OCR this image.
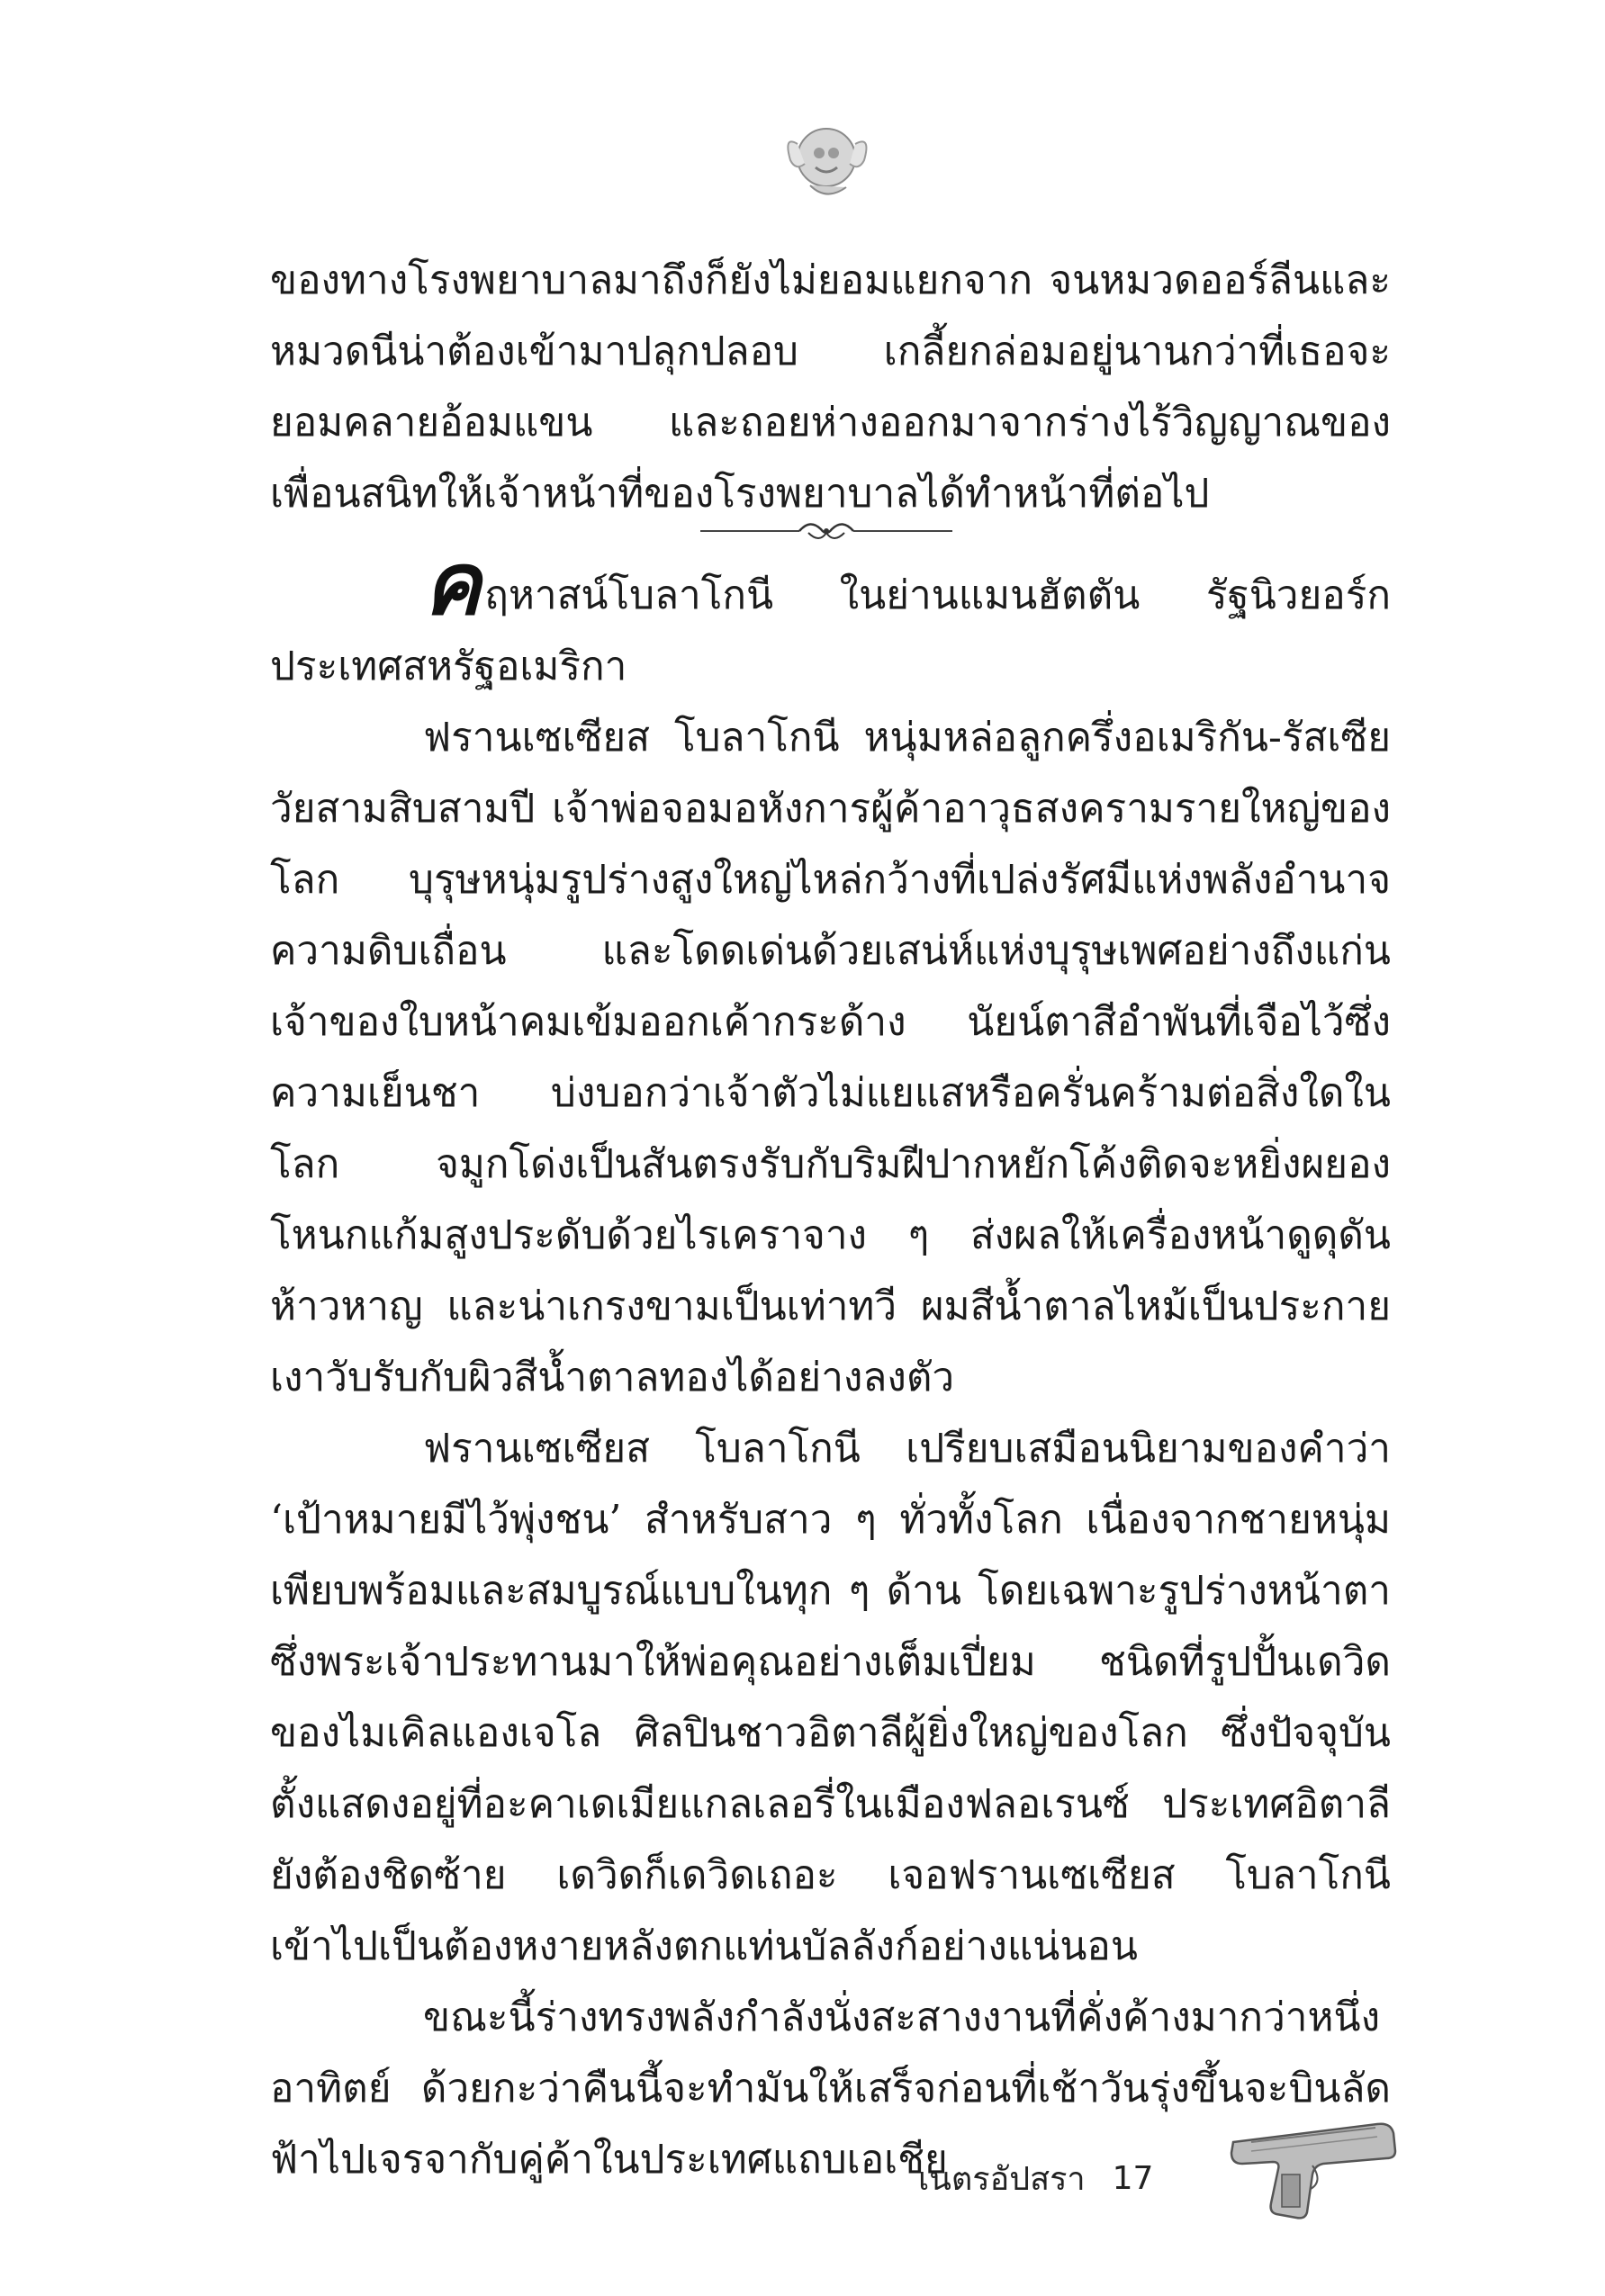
ของทางโรงพยาบาลมาถึงก็ยังไม่ยอมแยกจาก จนหมวดออร์ลีนและหมวดนีน่าต้องเข้ามาปลุกปลอบ เกลี้ยกล่อมอยู่นานกว่าที่เธอจะยอมคลายอ้อมแขน และถอยห่างออกมาจากร่างไร้วิญญาณของเพื่อนสนิทให้เจ้าหน้าที่ของโรงพยาบาลได้ทำหน้าที่ต่อไป

คฤหาสน์โบลาโกนี ในย่านแมนฮัตตัน รัฐนิวยอร์ก ประเทศสหรัฐอเมริกา

ฟรานเซเซียส โบลาโกนี หนุ่มหล่อลูกครึ่งอเมริกัน-รัสเซีย วัยสามสิบสามปี เจ้าพ่อจอมอหังการผู้ค้าอาวุธสงครามรายใหญ่ของโลก บุรุษหนุ่มรูปร่างสูงใหญ่ไหล่กว้างที่เปล่งรัศมีแห่งพลังอำนาจ ความดิบเถื่อน และโดดเด่นด้วยเสน่ห์แห่งบุรุษเพศอย่างถึงแก่น เจ้าของใบหน้าคมเข้มออกเค้ากระด้าง นัยน์ตาสีอำพันที่เจือไว้ซึ่งความเย็นชา บ่งบอกว่าเจ้าตัวไม่แยแสหรือครั่นคร้ามต่อสิ่งใดในโลก จมูกโด่งเป็นสันตรงรับกับริมฝีปากหยักโค้งติดจะหยิ่งผยอง โหนกแก้มสูงประดับด้วยไรเคราจาง ๆ ส่งผลให้เครื่องหน้าดูดุดัน ห้าวหาญ และน่าเกรงขามเป็นเท่าทวี ผมสีน้ำตาลไหม้เป็นประกายเงาวับรับกับผิวสีน้ำตาลทองได้อย่างลงตัว

ฟรานเซเซียส โบลาโกนี เปรียบเสมือนนิยามของคำว่า ‘เป้าหมายมีไว้พุ่งชน’ สำหรับสาว ๆ ทั่วทั้งโลก เนื่องจากชายหนุ่มเพียบพร้อมและสมบูรณ์แบบในทุก ๆ ด้าน โดยเฉพาะรูปร่างหน้าตาซึ่งพระเจ้าประทานมาให้พ่อคุณอย่างเต็มเปี่ยม ชนิดที่รูปปั้นเดวิดของไมเคิลแองเจโล ศิลปินชาวอิตาลีผู้ยิ่งใหญ่ของโลก ซึ่งปัจจุบันตั้งแสดงอยู่ที่อะคาเดเมียแกลเลอรี่ในเมืองฟลอเรนซ์ ประเทศอิตาลี ยังต้องชิดซ้าย เดวิดก็เดวิดเถอะ เจอฟรานเซเซียส โบลาโกนี เข้าไปเป็นต้องหงายหลังตกแท่นบัลลังก์อย่างแน่นอน

ขณะนี้ร่างทรงพลังกำลังนั่งสะสางงานที่คั่งค้างมากว่าหนึ่งอาทิตย์ ด้วยกะว่าคืนนี้จะทำมันให้เสร็จก่อนที่เช้าวันรุ่งขึ้นจะบินลัดฟ้าไปเจรจากับคู่ค้าในประเทศแถบเอเชีย

เนตรอัปสรา 17
